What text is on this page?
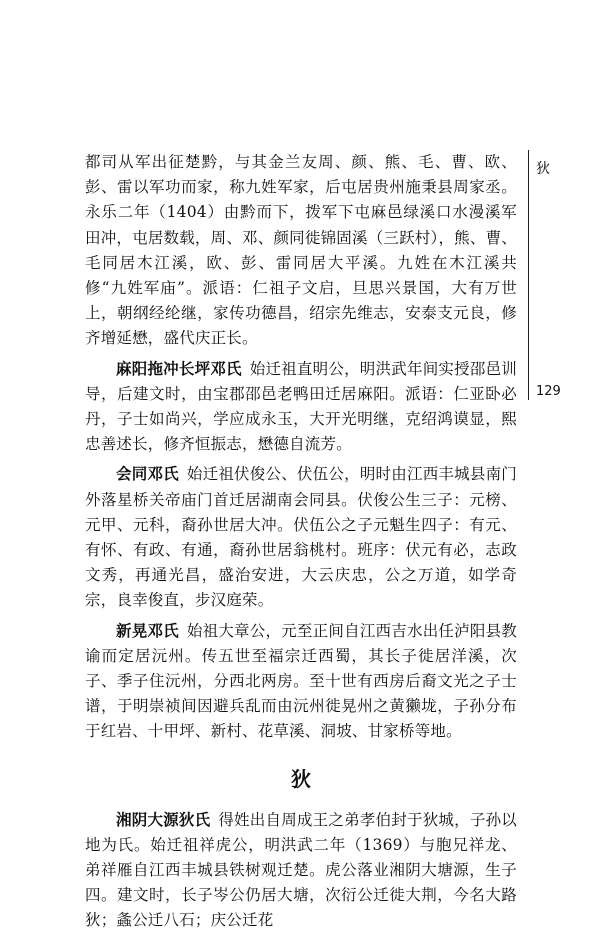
狄
129

都司从军出征楚黔，与其金兰友周、颜、熊、毛、曹、欧、彭、雷以军功而家，称九姓军家，后屯居贵州施秉县周家丞。永乐二年（1404）由黔而下，拨军下屯麻邑绿溪口水漫溪军田冲，屯居数载，周、邓、颜同徙锦固溪（三跃村），熊、曹、毛同居木江溪，欧、彭、雷同居大平溪。九姓在木江溪共修“九姓军庙”。派语：仁祖子文启，旦思兴景国，大有万世上，朝纲经纶继，家传功德昌，绍宗先维志，安泰支元良，修齐增延懋，盛代庆正长。

麻阳拖冲长坪邓氏 始迁祖直明公，明洪武年间实授邵邑训导，后建文时，由宝郡邵邑老鸭田迁居麻阳。派语：仁亚卧必丹，子士如尚兴，学应成永玉，大开光明继，克绍鸿谟显，熙忠善述长，修齐恒振志，懋德自流芳。

会同邓氏 始迁祖伏俊公、伏伍公，明时由江西丰城县南门外落星桥关帝庙门首迁居湖南会同县。伏俊公生三子：元榜、元甲、元科，裔孙世居大冲。伏伍公之子元魁生四子：有元、有怀、有政、有通，裔孙世居翁桃村。班序：伏元有必，志政文秀，再通光昌，盛治安进，大云庆忠，公之万道，如学奇宗，良幸俊直，步汉庭荣。

新晃邓氏 始祖大章公，元至正间自江西吉水出任泸阳县教谕而定居沅州。传五世至福宗迁西蜀，其长子徙居洋溪，次子、季子住沅州，分西北两房。至十世有西房后裔文光之子士谱，于明崇祯间因避兵乱而由沅州徙晃州之黄獭垅，子孙分布于红岩、十甲坪、新村、花草溪、洞坡、甘家桥等地。

狄

湘阴大源狄氏 得姓出自周成王之弟孝伯封于狄城，子孙以地为氏。始迁祖祥虎公，明洪武二年（1369）与胞兄祥龙、弟祥雁自江西丰城县铁树观迁楚。虎公落业湘阴大塘源，生子四。建文时，长子岑公仍居大塘，次衍公迁徙大荆，今名大路狄；螽公迁八石；庆公迁花
